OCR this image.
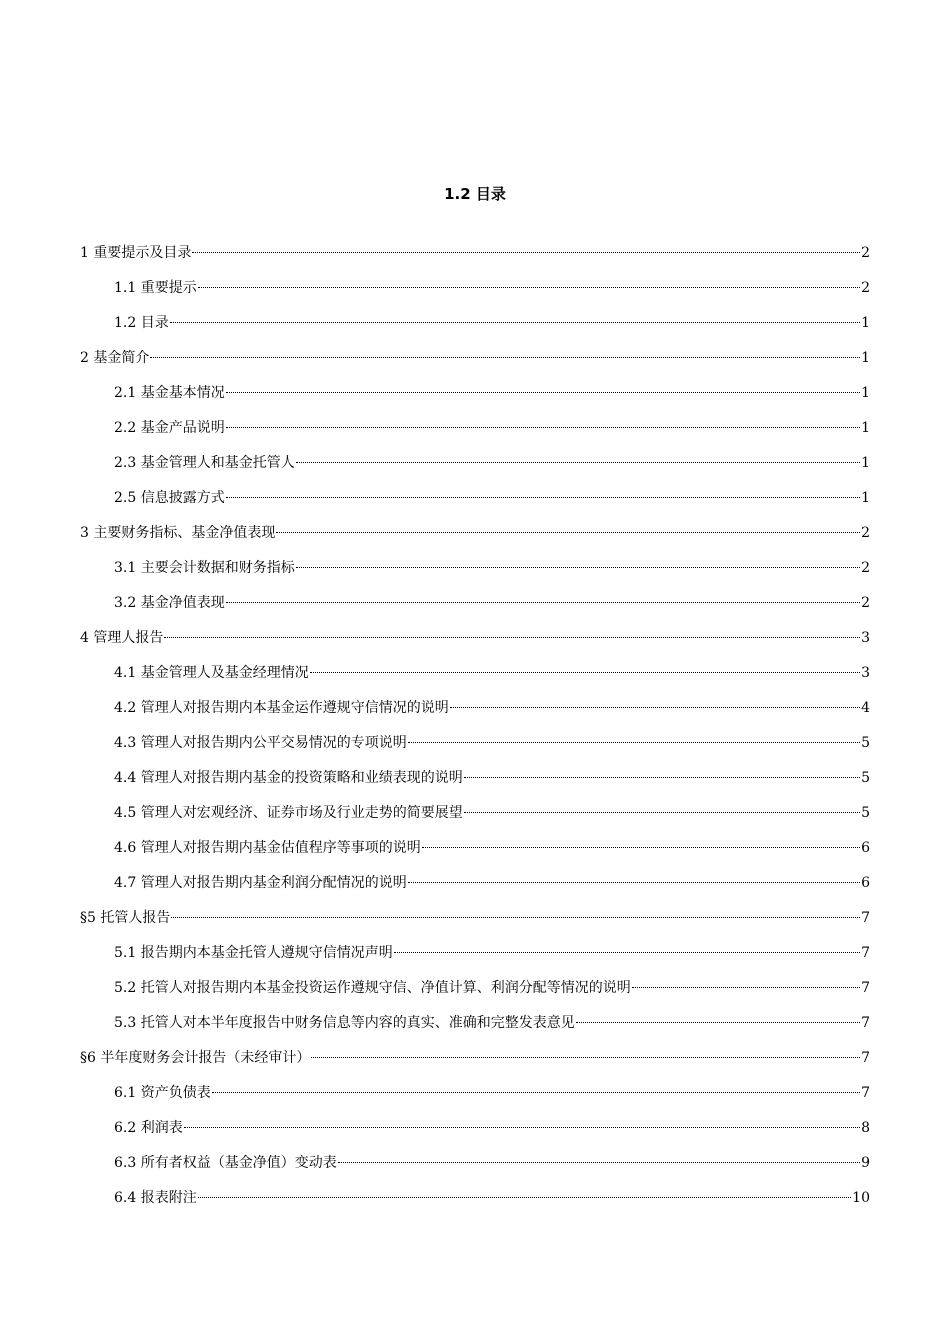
1.2 目录
1 重要提示及目录	2
1.1 重要提示	2
1.2 目录	1
2 基金简介	1
2.1 基金基本情况	1
2.2 基金产品说明	1
2.3 基金管理人和基金托管人	1
2.5 信息披露方式	1
3 主要财务指标、基金净值表现	2
3.1 主要会计数据和财务指标	2
3.2 基金净值表现	2
4 管理人报告	3
4.1 基金管理人及基金经理情况	3
4.2 管理人对报告期内本基金运作遵规守信情况的说明	4
4.3 管理人对报告期内公平交易情况的专项说明	5
4.4 管理人对报告期内基金的投资策略和业绩表现的说明	5
4.5 管理人对宏观经济、证券市场及行业走势的简要展望	5
4.6 管理人对报告期内基金估值程序等事项的说明	6
4.7 管理人对报告期内基金利润分配情况的说明	6
§5 托管人报告	7
5.1 报告期内本基金托管人遵规守信情况声明	7
5.2 托管人对报告期内本基金投资运作遵规守信、净值计算、利润分配等情况的说明	7
5.3 托管人对本半年度报告中财务信息等内容的真实、准确和完整发表意见	7
§6 半年度财务会计报告（未经审计）	7
6.1 资产负债表	7
6.2 利润表	8
6.3 所有者权益（基金净值）变动表	9
6.4 报表附注	10
